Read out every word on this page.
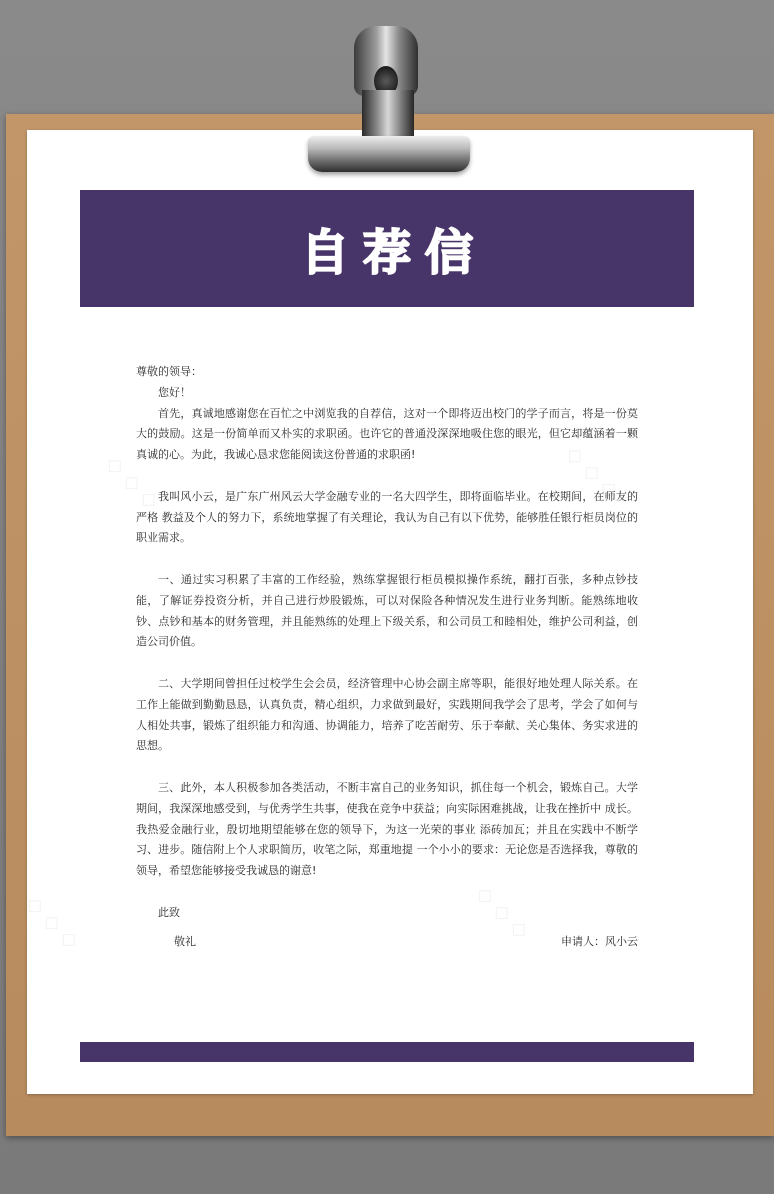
◇ ◇ ◇
◇ ◇ ◇
◇ ◇ ◇	◇ ◇ ◇
自荐信

尊敬的领导：

您好！

首先，真诚地感谢您在百忙之中浏览我的自荐信，这对一个即将迈出校门的学子而言，将是一份莫大的鼓励。这是一份简单而又朴实的求职函。也许它的普通没深深地吸住您的眼光，但它却蕴涵着一颗真诚的心。为此，我诚心恳求您能阅读这份普通的求职函!

我叫风小云，是广东广州风云大学金融专业的一名大四学生，即将面临毕业。在校期间，在师友的严格 教益及个人的努力下，系统地掌握了有关理论，我认为自己有以下优势，能够胜任银行柜员岗位的职业需求。

一、通过实习积累了丰富的工作经验，熟练掌握银行柜员模拟操作系统，翻打百张，多种点钞技能，了解证券投资分析，并自己进行炒股锻炼，可以对保险各种情况发生进行业务判断。能熟练地收钞、点钞和基本的财务管理，并且能熟练的处理上下级关系，和公司员工和睦相处，维护公司利益，创造公司价值。

二、大学期间曾担任过校学生会会员，经济管理中心协会副主席等职，能很好地处理人际关系。在工作上能做到勤勤恳恳，认真负责，精心组织，力求做到最好，实践期间我学会了思考，学会了如何与人相处共事，锻炼了组织能力和沟通、协调能力，培养了吃苦耐劳、乐于奉献、关心集体、务实求进的思想。

三、此外，本人积极参加各类活动，不断丰富自己的业务知识，抓住每一个机会，锻炼自己。大学期间，我深深地感受到，与优秀学生共事，使我在竞争中获益；向实际困难挑战，让我在挫折中 成长。我热爱金融行业，殷切地期望能够在您的领导下，为这一光荣的事业 添砖加瓦；并且在实践中不断学习、进步。随信附上个人求职简历，收笔之际，郑重地提 一个小小的要求：无论您是否选择我，尊敬的领导，希望您能够接受我诚恳的谢意!

此致

敬礼	申请人：风小云
